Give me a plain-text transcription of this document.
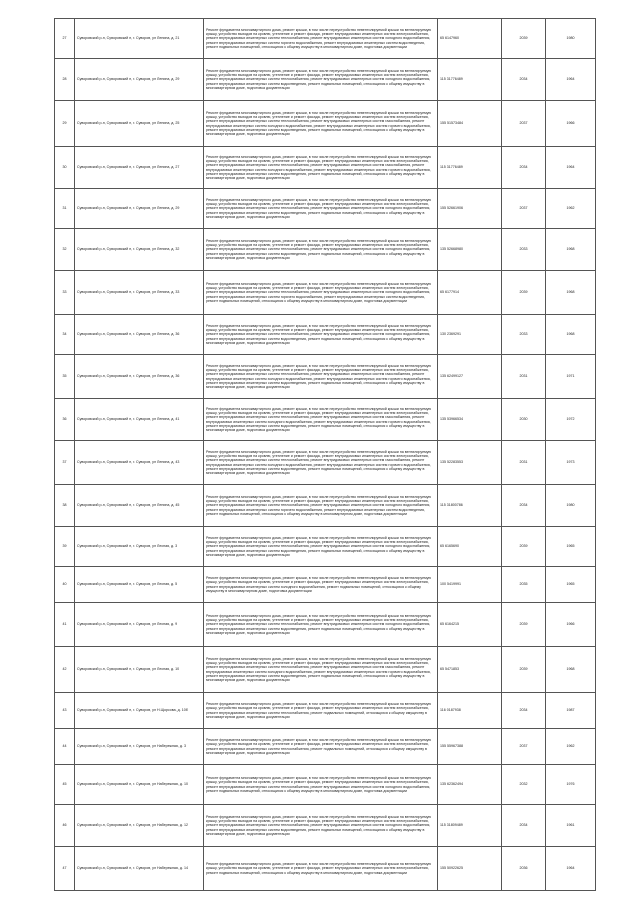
27	Суворовский р-н, Суворовский п, г. Суворов, ул Ленина, д. 21	Ремонт фундамента многоквартирного дома, ремонт крыши, в том числе переустройство невентилируемой крыши на вентилируемую крышу, устройство выходов на кровлю, утепление и ремонт фасада, ремонт внутридомовых инженерных систем электроснабжения, ремонт внутридомовых инженерных систем теплоснабжения, ремонт внутридомовых инженерных систем холодного водоснабжения, ремонт внутридомовых инженерных систем горячего водоснабжения, ремонт внутридомовых инженерных систем водоотведения, ремонт подвальных помещений, относящихся к общему имуществу в многоквартирном доме, подготовка документации	65 6147960	2039	1980
28	Суворовский р-н, Суворовский п, г. Суворов, ул Ленина, д. 29	Ремонт фундамента многоквартирного дома, ремонт крыши, в том числе переустройство невентилируемой крыши на вентилируемую крышу, устройство выходов на кровлю, утепление и ремонт фасада, ремонт внутридомовых инженерных систем электроснабжения, ремонт внутридомовых инженерных систем теплоснабжения, ремонт внутридомовых инженерных систем холодного водоснабжения, ремонт внутридомовых инженерных систем водоотведения, ремонт подвальных помещений, относящихся к общему имуществу в многоквартирном доме, подготовка документации	115 31776489	2034	1964
29	Суворовский р-н, Суворовский п, г. Суворов, ул Ленина, д. 25	Ремонт фундамента многоквартирного дома, ремонт крыши, в том числе переустройство невентилируемой крыши на вентилируемую крышу, устройство выходов на кровлю, утепление и ремонт фасада, ремонт внутридомовых инженерных систем электроснабжения, ремонт внутридомовых инженерных систем теплоснабжения, ремонт внутридомовых инженерных систем газоснабжения, ремонт внутридомовых инженерных систем холодного водоснабжения, ремонт внутридомовых инженерных систем горячего водоснабжения, ремонт внутридомовых инженерных систем водоотведения, ремонт подвальных помещений, относящихся к общему имуществу в многоквартирном доме, подготовка документации	155 51573484	2037	1966
30	Суворовский р-н, Суворовский п, г. Суворов, ул Ленина, д. 27	Ремонт фундамента многоквартирного дома, ремонт крыши, в том числе переустройство невентилируемой крыши на вентилируемую крышу, устройство выходов на кровлю, утепление и ремонт фасада, ремонт внутридомовых инженерных систем электроснабжения, ремонт внутридомовых инженерных систем теплоснабжения, ремонт внутридомовых инженерных систем газоснабжения, ремонт внутридомовых инженерных систем холодного водоснабжения, ремонт внутридомовых инженерных систем горячего водоснабжения, ремонт внутридомовых инженерных систем водоотведения, ремонт подвальных помещений, относящихся к общему имуществу в многоквартирном доме, подготовка документации	115 31776489	2034	1964
31	Суворовский р-н, Суворовский п, г. Суворов, ул Ленина, д. 29	Ремонт фундамента многоквартирного дома, ремонт крыши, в том числе переустройство невентилируемой крыши на вентилируемую крышу, устройство выходов на кровлю, утепление и ремонт фасада, ремонт внутридомовых инженерных систем электроснабжения, ремонт внутридомовых инженерных систем теплоснабжения, ремонт внутридомовых инженерных систем холодного водоснабжения, ремонт внутридомовых инженерных систем водоотведения, ремонт подвальных помещений, относящихся к общему имуществу в многоквартирном доме, подготовка документации	155 52661906	2037	1962
32	Суворовский р-н, Суворовский п, г. Суворов, ул Ленина, д. 32	Ремонт фундамента многоквартирного дома, ремонт крыши, в том числе переустройство невентилируемой крыши на вентилируемую крышу, устройство выходов на кровлю, утепление и ремонт фасада, ремонт внутридомовых инженерных систем электроснабжения, ремонт внутридомовых инженерных систем теплоснабжения, ремонт внутридомовых инженерных систем холодного водоснабжения, ремонт внутридомовых инженерных систем водоотведения, ремонт подвальных помещений, относящихся к общему имуществу в многоквартирном доме, подготовка документации	135 52668980	2033	1968
33	Суворовский р-н, Суворовский п, г. Суворов, ул Ленина, д. 33	Ремонт фундамента многоквартирного дома, ремонт крыши, в том числе переустройство невентилируемой крыши на вентилируемую крышу, устройство выходов на кровлю, утепление и ремонт фасада, ремонт внутридомовых инженерных систем электроснабжения, ремонт внутридомовых инженерных систем теплоснабжения, ремонт внутридомовых инженерных систем холодного водоснабжения, ремонт внутридомовых инженерных систем горячего водоснабжения, ремонт внутридомовых инженерных систем водоотведения, ремонт подвальных помещений, относящихся к общему имуществу в многоквартирном доме, подготовка документации	65 6177914	2039	1968
34	Суворовский р-н, Суворовский п, г. Суворов, ул Ленина, д. 36	Ремонт фундамента многоквартирного дома, ремонт крыши, в том числе переустройство невентилируемой крыши на вентилируемую крышу, устройство выходов на кровлю, утепление и ремонт фасада, ремонт внутридомовых инженерных систем электроснабжения, ремонт внутридомовых инженерных систем теплоснабжения, ремонт внутридомовых инженерных систем холодного водоснабжения, ремонт внутридомовых инженерных систем водоотведения, ремонт подвальных помещений, относящихся к общему имуществу в многоквартирном доме, подготовка документации	130 2369291	2033	1968
35	Суворовский р-н, Суворовский п, г. Суворов, ул Ленина, д. 36	Ремонт фундамента многоквартирного дома, ремонт крыши, в том числе переустройство невентилируемой крыши на вентилируемую крышу, устройство выходов на кровлю, утепление и ремонт фасада, ремонт внутридомовых инженерных систем электроснабжения, ремонт внутридомовых инженерных систем теплоснабжения, ремонт внутридомовых инженерных систем газоснабжения, ремонт внутридомовых инженерных систем холодного водоснабжения, ремонт внутридомовых инженерных систем горячего водоснабжения, ремонт внутридомовых инженерных систем водоотведения, ремонт подвальных помещений, относящихся к общему имуществу в многоквартирном доме, подготовка документации	135 62499127	2031	1971
36	Суворовский р-н, Суворовский п, г. Суворов, ул Ленина, д. 41	Ремонт фундамента многоквартирного дома, ремонт крыши, в том числе переустройство невентилируемой крыши на вентилируемую крышу, устройство выходов на кровлю, утепление и ремонт фасада, ремонт внутридомовых инженерных систем электроснабжения, ремонт внутридомовых инженерных систем теплоснабжения, ремонт внутридомовых инженерных систем газоснабжения, ремонт внутридомовых инженерных систем холодного водоснабжения, ремонт внутридомовых инженерных систем горячего водоснабжения, ремонт внутридомовых инженерных систем водоотведения, ремонт подвальных помещений, относящихся к общему имуществу в многоквартирном доме, подготовка документации	135 53966534	2030	1972
37	Суворовский р-н, Суворовский п, г. Суворов, ул Ленина, д. 43	Ремонт фундамента многоквартирного дома, ремонт крыши, в том числе переустройство невентилируемой крыши на вентилируемую крышу, устройство выходов на кровлю, утепление и ремонт фасада, ремонт внутридомовых инженерных систем электроснабжения, ремонт внутридомовых инженерных систем теплоснабжения, ремонт внутридомовых инженерных систем газоснабжения, ремонт внутридомовых инженерных систем холодного водоснабжения, ремонт внутридомовых инженерных систем горячего водоснабжения, ремонт внутридомовых инженерных систем водоотведения, ремонт подвальных помещений, относящихся к общему имуществу в многоквартирном доме, подготовка документации	135 52283553	2031	1973
38	Суворовский р-н, Суворовский п, г. Суворов, ул Ленина, д. 45	Ремонт фундамента многоквартирного дома, ремонт крыши, в том числе переустройство невентилируемой крыши на вентилируемую крышу, устройство выходов на кровлю, утепление и ремонт фасада, ремонт внутридомовых инженерных систем электроснабжения, ремонт внутридомовых инженерных систем теплоснабжения, ремонт внутридомовых инженерных систем холодного водоснабжения, ремонт внутридомовых инженерных систем горячего водоснабжения, ремонт внутридомовых инженерных систем водоотведения, ремонт подвальных помещений, относящихся к общему имуществу в многоквартирном доме, подготовка документации	115 31800786	2034	1980
39	Суворовский р-н, Суворовский п, г. Суворов, ул Лесная, д. 3	Ремонт фундамента многоквартирного дома, ремонт крыши, в том числе переустройство невентилируемой крыши на вентилируемую крышу, устройство выходов на кровлю, утепление и ремонт фасада, ремонт внутридомовых инженерных систем электроснабжения, ремонт внутридомовых инженерных систем теплоснабжения, ремонт внутридомовых инженерных систем холодного водоснабжения, ремонт внутридомовых инженерных систем водоотведения, ремонт подвальных помещений, относящихся к общему имуществу в многоквартирном доме, подготовка документации	65 6165690	2039	1965
40	Суворовский р-н, Суворовский п, г. Суворов, ул Лесная, д. 5	Ремонт фундамента многоквартирного дома, ремонт крыши, в том числе переустройство невентилируемой крыши на вентилируемую крышу, устройство выходов на кровлю, утепление и ремонт фасада, ремонт внутридомовых инженерных систем электроснабжения, ремонт внутридомовых инженерных систем холодного водоснабжения, ремонт подвальных помещений, относящихся к общему имуществу в многоквартирном доме, подготовка документации	100 5419991	2035	1965
41	Суворовский р-н, Суворовский п, г. Суворов, ул Лесная, д. 9	Ремонт фундамента многоквартирного дома, ремонт крыши, в том числе переустройство невентилируемой крыши на вентилируемую крышу, устройство выходов на кровлю, утепление и ремонт фасада, ремонт внутридомовых инженерных систем электроснабжения, ремонт внутридомовых инженерных систем теплоснабжения, ремонт внутридомовых инженерных систем холодного водоснабжения, ремонт внутридомовых инженерных систем водоотведения, ремонт подвальных помещений, относящихся к общему имуществу в многоквартирном доме, подготовка документации	65 6164215	2039	1966
42	Суворовский р-н, Суворовский п, г. Суворов, ул Лесная, д. 10	Ремонт фундамента многоквартирного дома, ремонт крыши, в том числе переустройство невентилируемой крыши на вентилируемую крышу, устройство выходов на кровлю, утепление и ремонт фасада, ремонт внутридомовых инженерных систем электроснабжения, ремонт внутридомовых инженерных систем теплоснабжения, ремонт внутридомовых инженерных систем газоснабжения, ремонт внутридомовых инженерных систем холодного водоснабжения, ремонт внутридомовых инженерных систем горячего водоснабжения, ремонт внутридомовых инженерных систем водоотведения, ремонт подвальных помещений, относящихся к общему имуществу в многоквартирном доме, подготовка документации	65 5471853	2039	1968
43	Суворовский р-н, Суворовский п, г. Суворов, ул Н.Щорсова, д. 10б	Ремонт фундамента многоквартирного дома, ремонт крыши, в том числе переустройство невентилируемой крыши на вентилируемую крышу, устройство выходов на кровлю, утепление и ремонт фасада, ремонт внутридомовых инженерных систем электроснабжения, ремонт внутридомовых инженерных систем теплоснабжения, ремонт подвальных помещений, относящихся к общему имуществу в многоквартирном доме, подготовка документации	116 0187938	2034	1987
44	Суворовский р-н, Суворовский п, г. Суворов, ул Набережная, д. 3	Ремонт фундамента многоквартирного дома, ремонт крыши, в том числе переустройство невентилируемой крыши на вентилируемую крышу, устройство выходов на кровлю, утепление и ремонт фасада, ремонт внутридомовых инженерных систем электроснабжения, ремонт внутридомовых инженерных систем теплоснабжения, ремонт подвальных помещений, относящихся к общему имуществу в многоквартирном доме, подготовка документации	155 55967388	2037	1962
45	Суворовский р-н, Суворовский п, г. Суворов, ул Набережная, д. 10	Ремонт фундамента многоквартирного дома, ремонт крыши, в том числе переустройство невентилируемой крыши на вентилируемую крышу, устройство выходов на кровлю, утепление и ремонт фасада, ремонт внутридомовых инженерных систем электроснабжения, ремонт внутридомовых инженерных систем теплоснабжения, ремонт внутридомовых инженерных систем холодного водоснабжения, ремонт подвальных помещений, относящихся к общему имуществу в многоквартирном доме, подготовка документации	135 62362494	2032	1976
46	Суворовский р-н, Суворовский п, г. Суворов, ул Набережная, д. 12	Ремонт фундамента многоквартирного дома, ремонт крыши, в том числе переустройство невентилируемой крыши на вентилируемую крышу, устройство выходов на кровлю, утепление и ремонт фасада, ремонт внутридомовых инженерных систем электроснабжения, ремонт внутридомовых инженерных систем теплоснабжения, ремонт внутридомовых инженерных систем холодного водоснабжения, ремонт внутридомовых инженерных систем водоотведения, ремонт подвальных помещений, относящихся к общему имуществу в многоквартирном доме, подготовка документации	115 31809489	2034	1961
47	Суворовский р-н, Суворовский п, г. Суворов, ул Набережная, д. 14	Ремонт фундамента многоквартирного дома, ремонт крыши, в том числе переустройство невентилируемой крыши на вентилируемую крышу, устройство выходов на кровлю, утепление и ремонт фасада, ремонт внутридомовых инженерных систем электроснабжения, ремонт подвальных помещений, относящихся к общему имуществу в многоквартирном доме, подготовка документации	155 50922625	2036	1964
